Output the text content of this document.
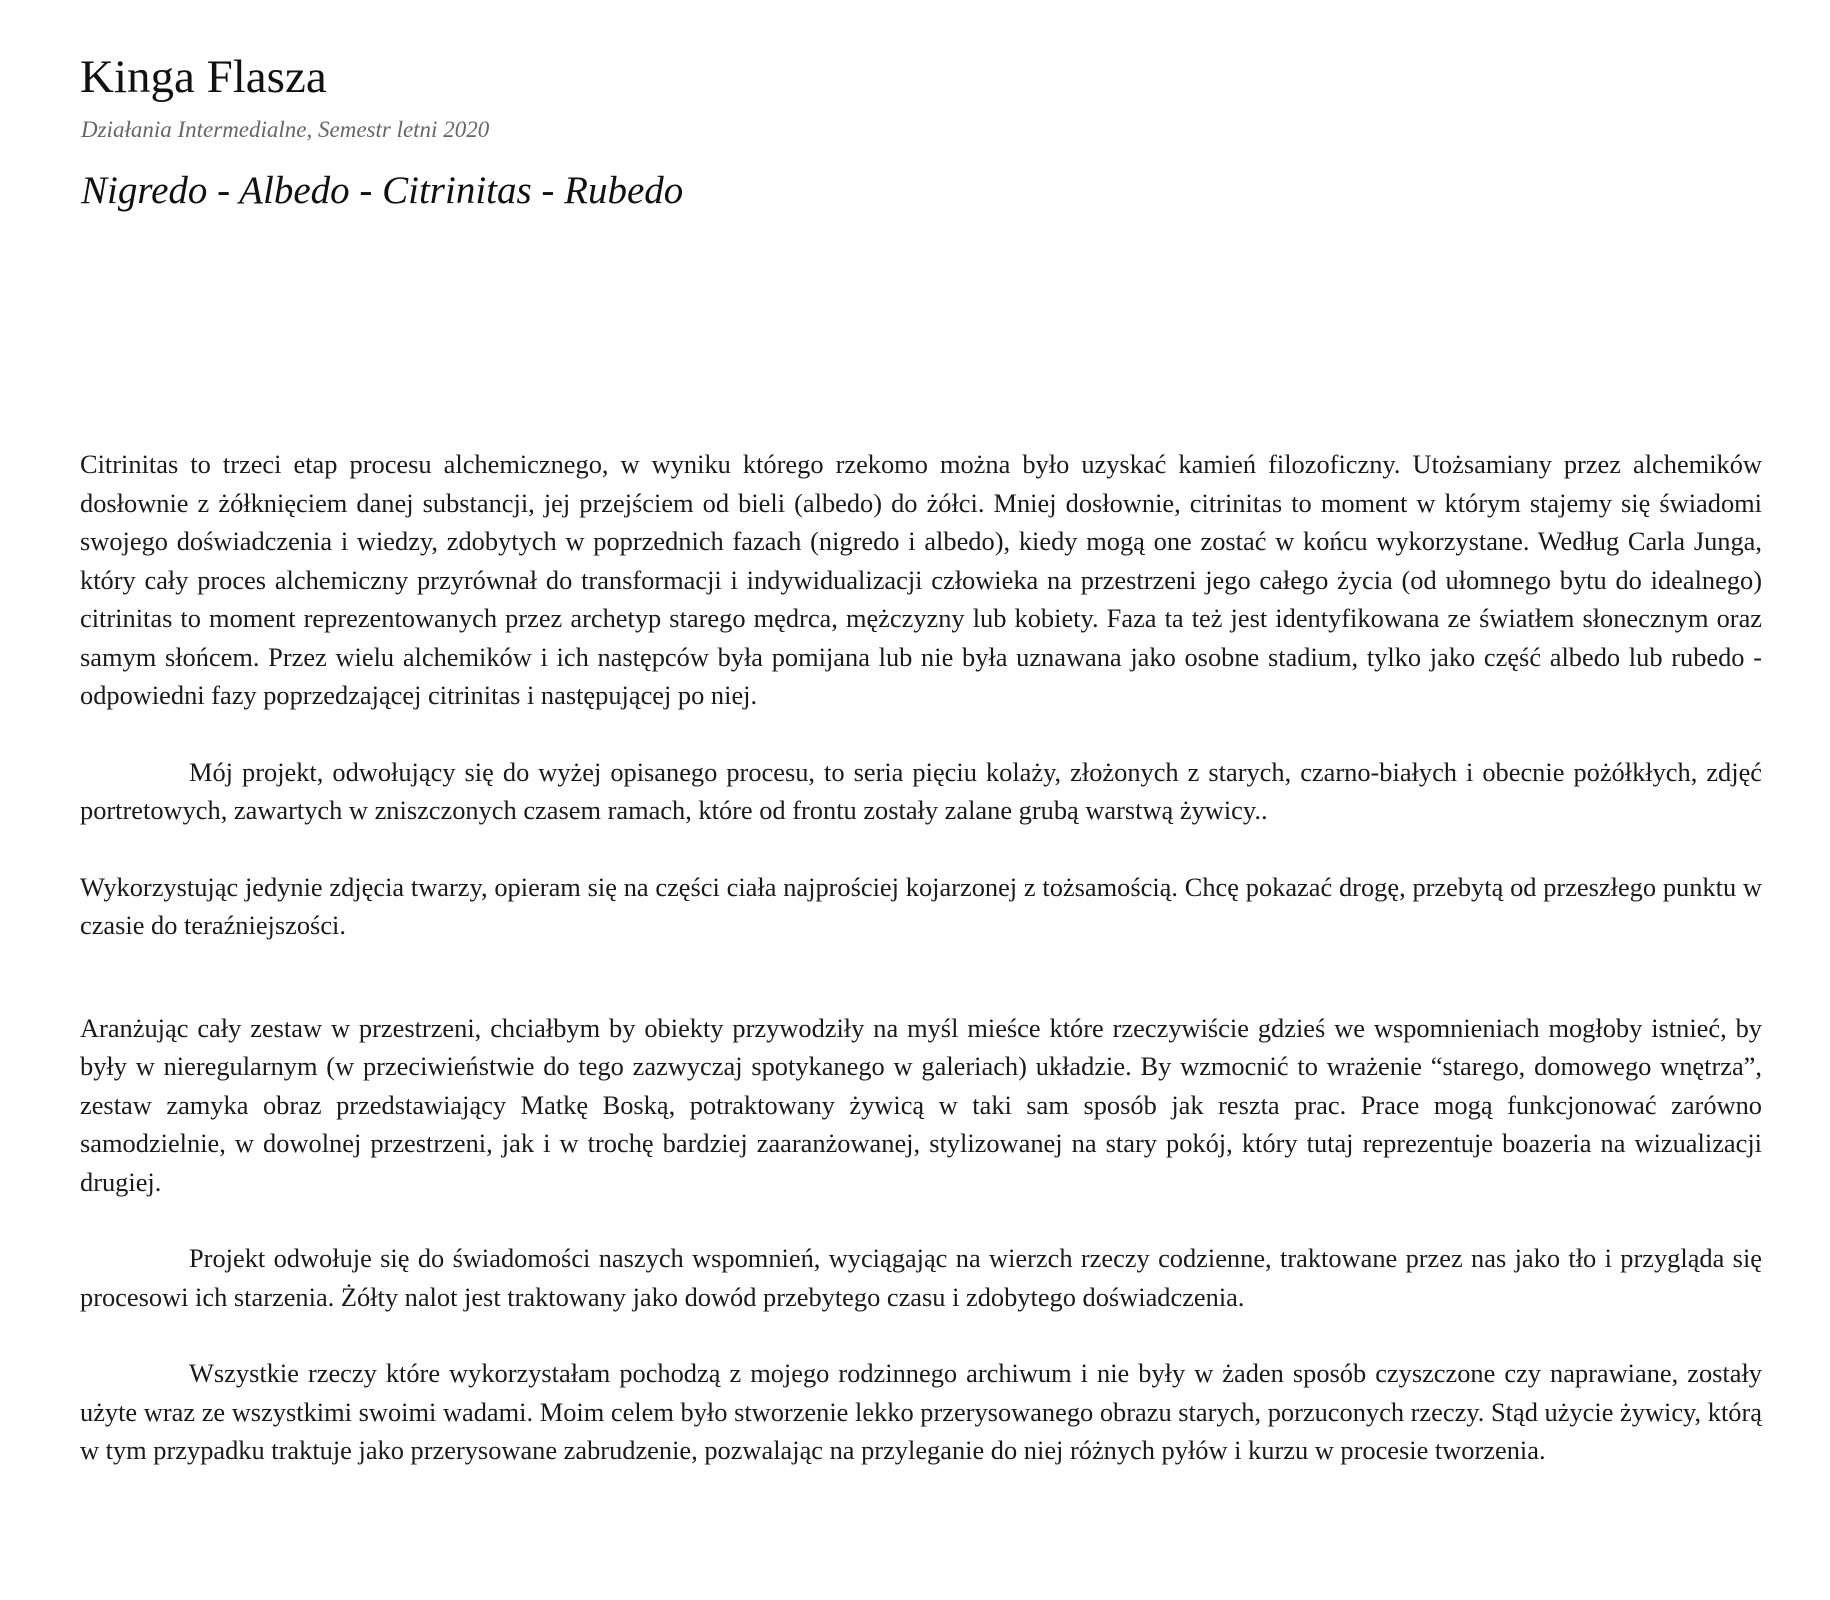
Kinga Flasza
Działania Intermedialne, Semestr letni 2020
Nigredo - Albedo - Citrinitas - Rubedo

Citrinitas to trzeci etap procesu alchemicznego, w wyniku którego rzekomo można było uzyskać kamień filozoficzny. Utożsamiany przez alchemików dosłownie z żółknięciem danej substancji, jej przejściem od bieli (albedo) do żółci. Mniej dosłownie, citrinitas to moment w którym stajemy się świadomi swojego doświadczenia i wiedzy, zdobytych w poprzednich fazach (nigredo i albedo), kiedy mogą one zostać w końcu wykorzystane. Według Carla Junga, który cały proces alchemiczny przyrównał do transformacji i indywidualizacji człowieka na przestrzeni jego całego życia (od ułomnego bytu do idealnego) citrinitas to moment reprezentowanych przez archetyp starego mędrca, mężczyzny lub kobiety. Faza ta też jest identyfikowana ze światłem słonecznym oraz samym słońcem. Przez wielu alchemików i ich następców była pomijana lub nie była uznawana jako osobne stadium, tylko jako część albedo lub rubedo - odpowiedni fazy poprzedzającej citrinitas i następującej po niej.

Mój projekt, odwołujący się do wyżej opisanego procesu, to seria pięciu kolaży, złożonych z starych, czarno-białych i obecnie pożółkłych, zdjęć portretowych, zawartych w zniszczonych czasem ramach, które od frontu zostały zalane grubą warstwą żywicy..

Wykorzystując jedynie zdjęcia twarzy, opieram się na części ciała najprościej kojarzonej z tożsamością. Chcę pokazać drogę, przebytą od przeszłego punktu w czasie do teraźniejszości.

Aranżując cały zestaw w przestrzeni, chciałbym by obiekty przywodziły na myśl mieśce które rzeczywiście gdzieś we wspomnieniach mogłoby istnieć, by były w nieregularnym (w przeciwieństwie do tego zazwyczaj spotykanego w galeriach) układzie. By wzmocnić to wrażenie “starego, domowego wnętrza”, zestaw zamyka obraz przedstawiający Matkę Boską, potraktowany żywicą w taki sam sposób jak reszta prac. Prace mogą funkcjonować zarówno samodzielnie, w dowolnej przestrzeni, jak i w trochę bardziej zaaranżowanej, stylizowanej na stary pokój, który tutaj reprezentuje boazeria na wizualizacji drugiej.

Projekt odwołuje się do świadomości naszych wspomnień, wyciągając na wierzch rzeczy codzienne, traktowane przez nas jako tło i przygląda się procesowi ich starzenia. Żółty nalot jest traktowany jako dowód przebytego czasu i zdobytego doświadczenia.

Wszystkie rzeczy które wykorzystałam pochodzą z mojego rodzinnego archiwum i nie były w żaden sposób czyszczone czy naprawiane, zostały użyte wraz ze wszystkimi swoimi wadami. Moim celem było stworzenie lekko przerysowanego obrazu starych, porzuconych rzeczy. Stąd użycie żywicy, którą w tym przypadku traktuje jako przerysowane zabrudzenie, pozwalając na przyleganie do niej różnych pyłów i kurzu w procesie tworzenia.
